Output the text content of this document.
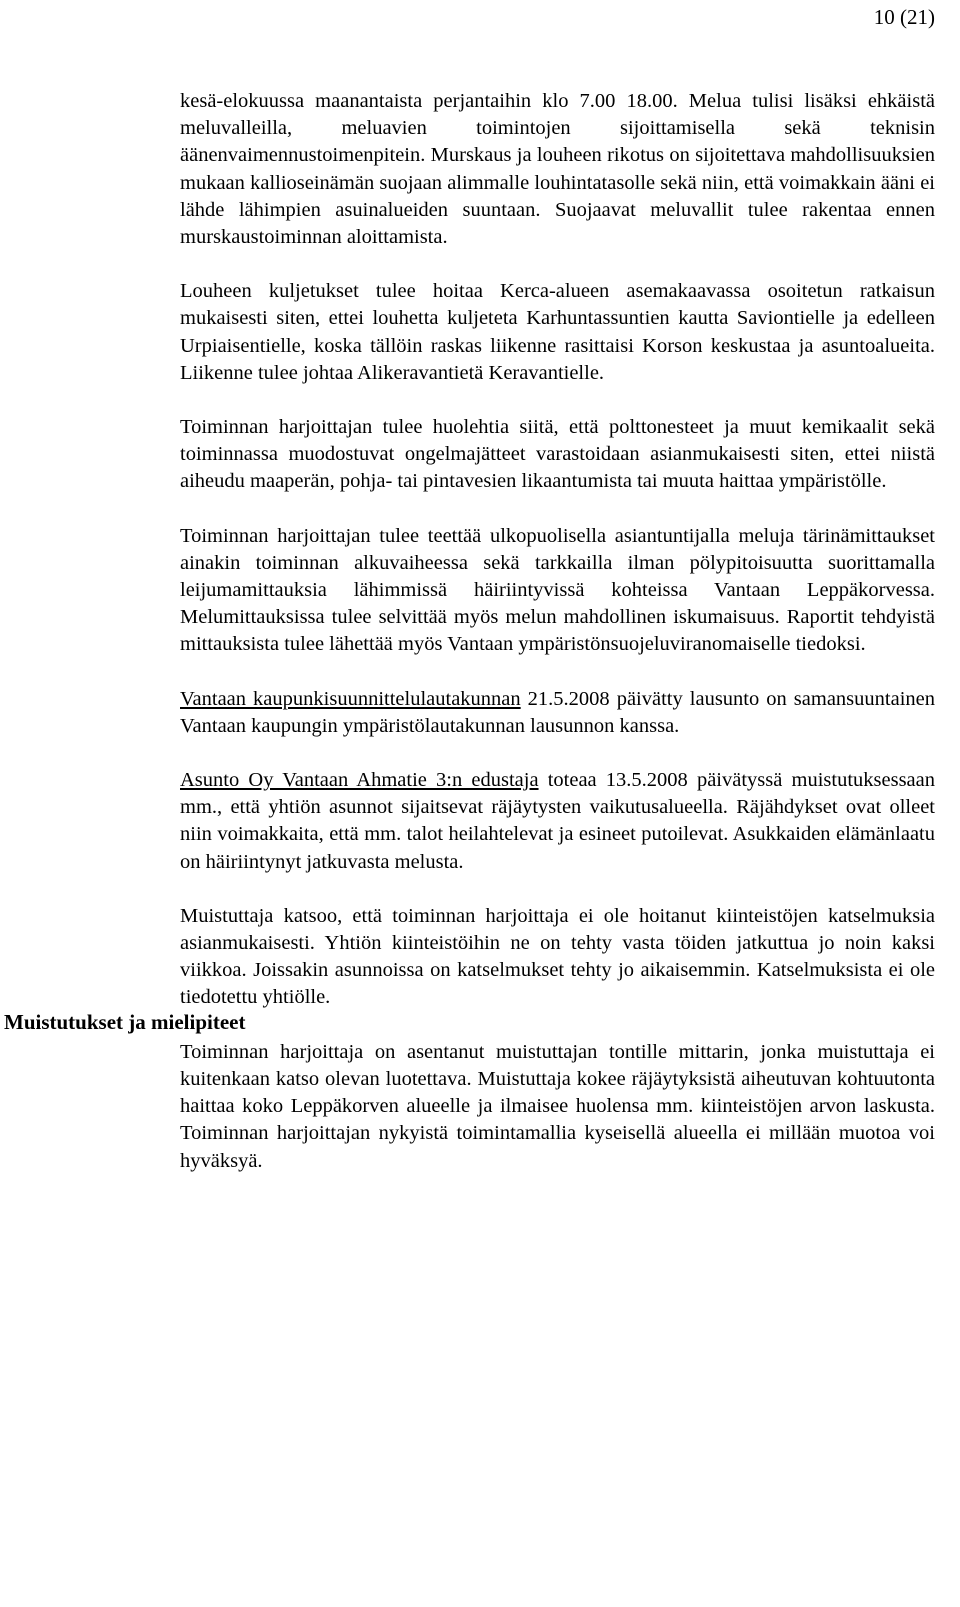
10 (21)
Muistutukset ja mielipiteet

kesä-elokuussa maanantaista perjantaihin klo 7.00 18.00. Melua tulisi lisäksi ehkäistä meluvalleilla, meluavien toimintojen sijoittamisella sekä teknisin äänenvaimennustoimenpitein. Murskaus ja louheen rikotus on sijoitettava mahdollisuuksien mukaan kallioseinämän suojaan alimmalle louhintatasolle sekä niin, että voimakkain ääni ei lähde lähimpien asuinalueiden suuntaan. Suojaavat meluvallit tulee rakentaa ennen murskaustoiminnan aloittamista.

Louheen kuljetukset tulee hoitaa Kerca-alueen asemakaavassa osoitetun ratkaisun mukaisesti siten, ettei louhetta kuljeteta Karhuntassuntien kautta Saviontielle ja edelleen Urpiaisentielle, koska tällöin raskas liikenne rasittaisi Korson keskustaa ja asuntoalueita. Liikenne tulee johtaa Alikeravantietä Keravantielle.

Toiminnan harjoittajan tulee huolehtia siitä, että polttonesteet ja muut kemikaalit sekä toiminnassa muodostuvat ongelmajätteet varastoidaan asianmukaisesti siten, ettei niistä aiheudu maaperän, pohja- tai pintavesien likaantumista tai muuta haittaa ympäristölle.

Toiminnan harjoittajan tulee teettää ulkopuolisella asiantuntijalla meluja tärinämittaukset ainakin toiminnan alkuvaiheessa sekä tarkkailla ilman pölypitoisuutta suorittamalla leijumamittauksia lähimmissä häiriintyvissä kohteissa Vantaan Leppäkorvessa. Melumittauksissa tulee selvittää myös melun mahdollinen iskumaisuus. Raportit tehdyistä mittauksista tulee lähettää myös Vantaan ympäristönsuojeluviranomaiselle tiedoksi.

Vantaan kaupunkisuunnittelulautakunnan 21.5.2008 päivätty lausunto on samansuuntainen Vantaan kaupungin ympäristölautakunnan lausunnon kanssa.

Asunto Oy Vantaan Ahmatie 3:n edustaja toteaa 13.5.2008 päivätyssä muistutuksessaan mm., että yhtiön asunnot sijaitsevat räjäytysten vaikutusalueella. Räjähdykset ovat olleet niin voimakkaita, että mm. talot heilahtelevat ja esineet putoilevat. Asukkaiden elämänlaatu on häiriintynyt jatkuvasta melusta.

Muistuttaja katsoo, että toiminnan harjoittaja ei ole hoitanut kiinteistöjen katselmuksia asianmukaisesti. Yhtiön kiinteistöihin ne on tehty vasta töiden jatkuttua jo noin kaksi viikkoa. Joissakin asunnoissa on katselmukset tehty jo aikaisemmin. Katselmuksista ei ole tiedotettu yhtiölle.

Toiminnan harjoittaja on asentanut muistuttajan tontille mittarin, jonka muistuttaja ei kuitenkaan katso olevan luotettava. Muistuttaja kokee räjäytyksistä aiheutuvan kohtuutonta haittaa koko Leppäkorven alueelle ja ilmaisee huolensa mm. kiinteistöjen arvon laskusta. Toiminnan harjoittajan nykyistä toimintamallia kyseisellä alueella ei millään muotoa voi hyväksyä.
